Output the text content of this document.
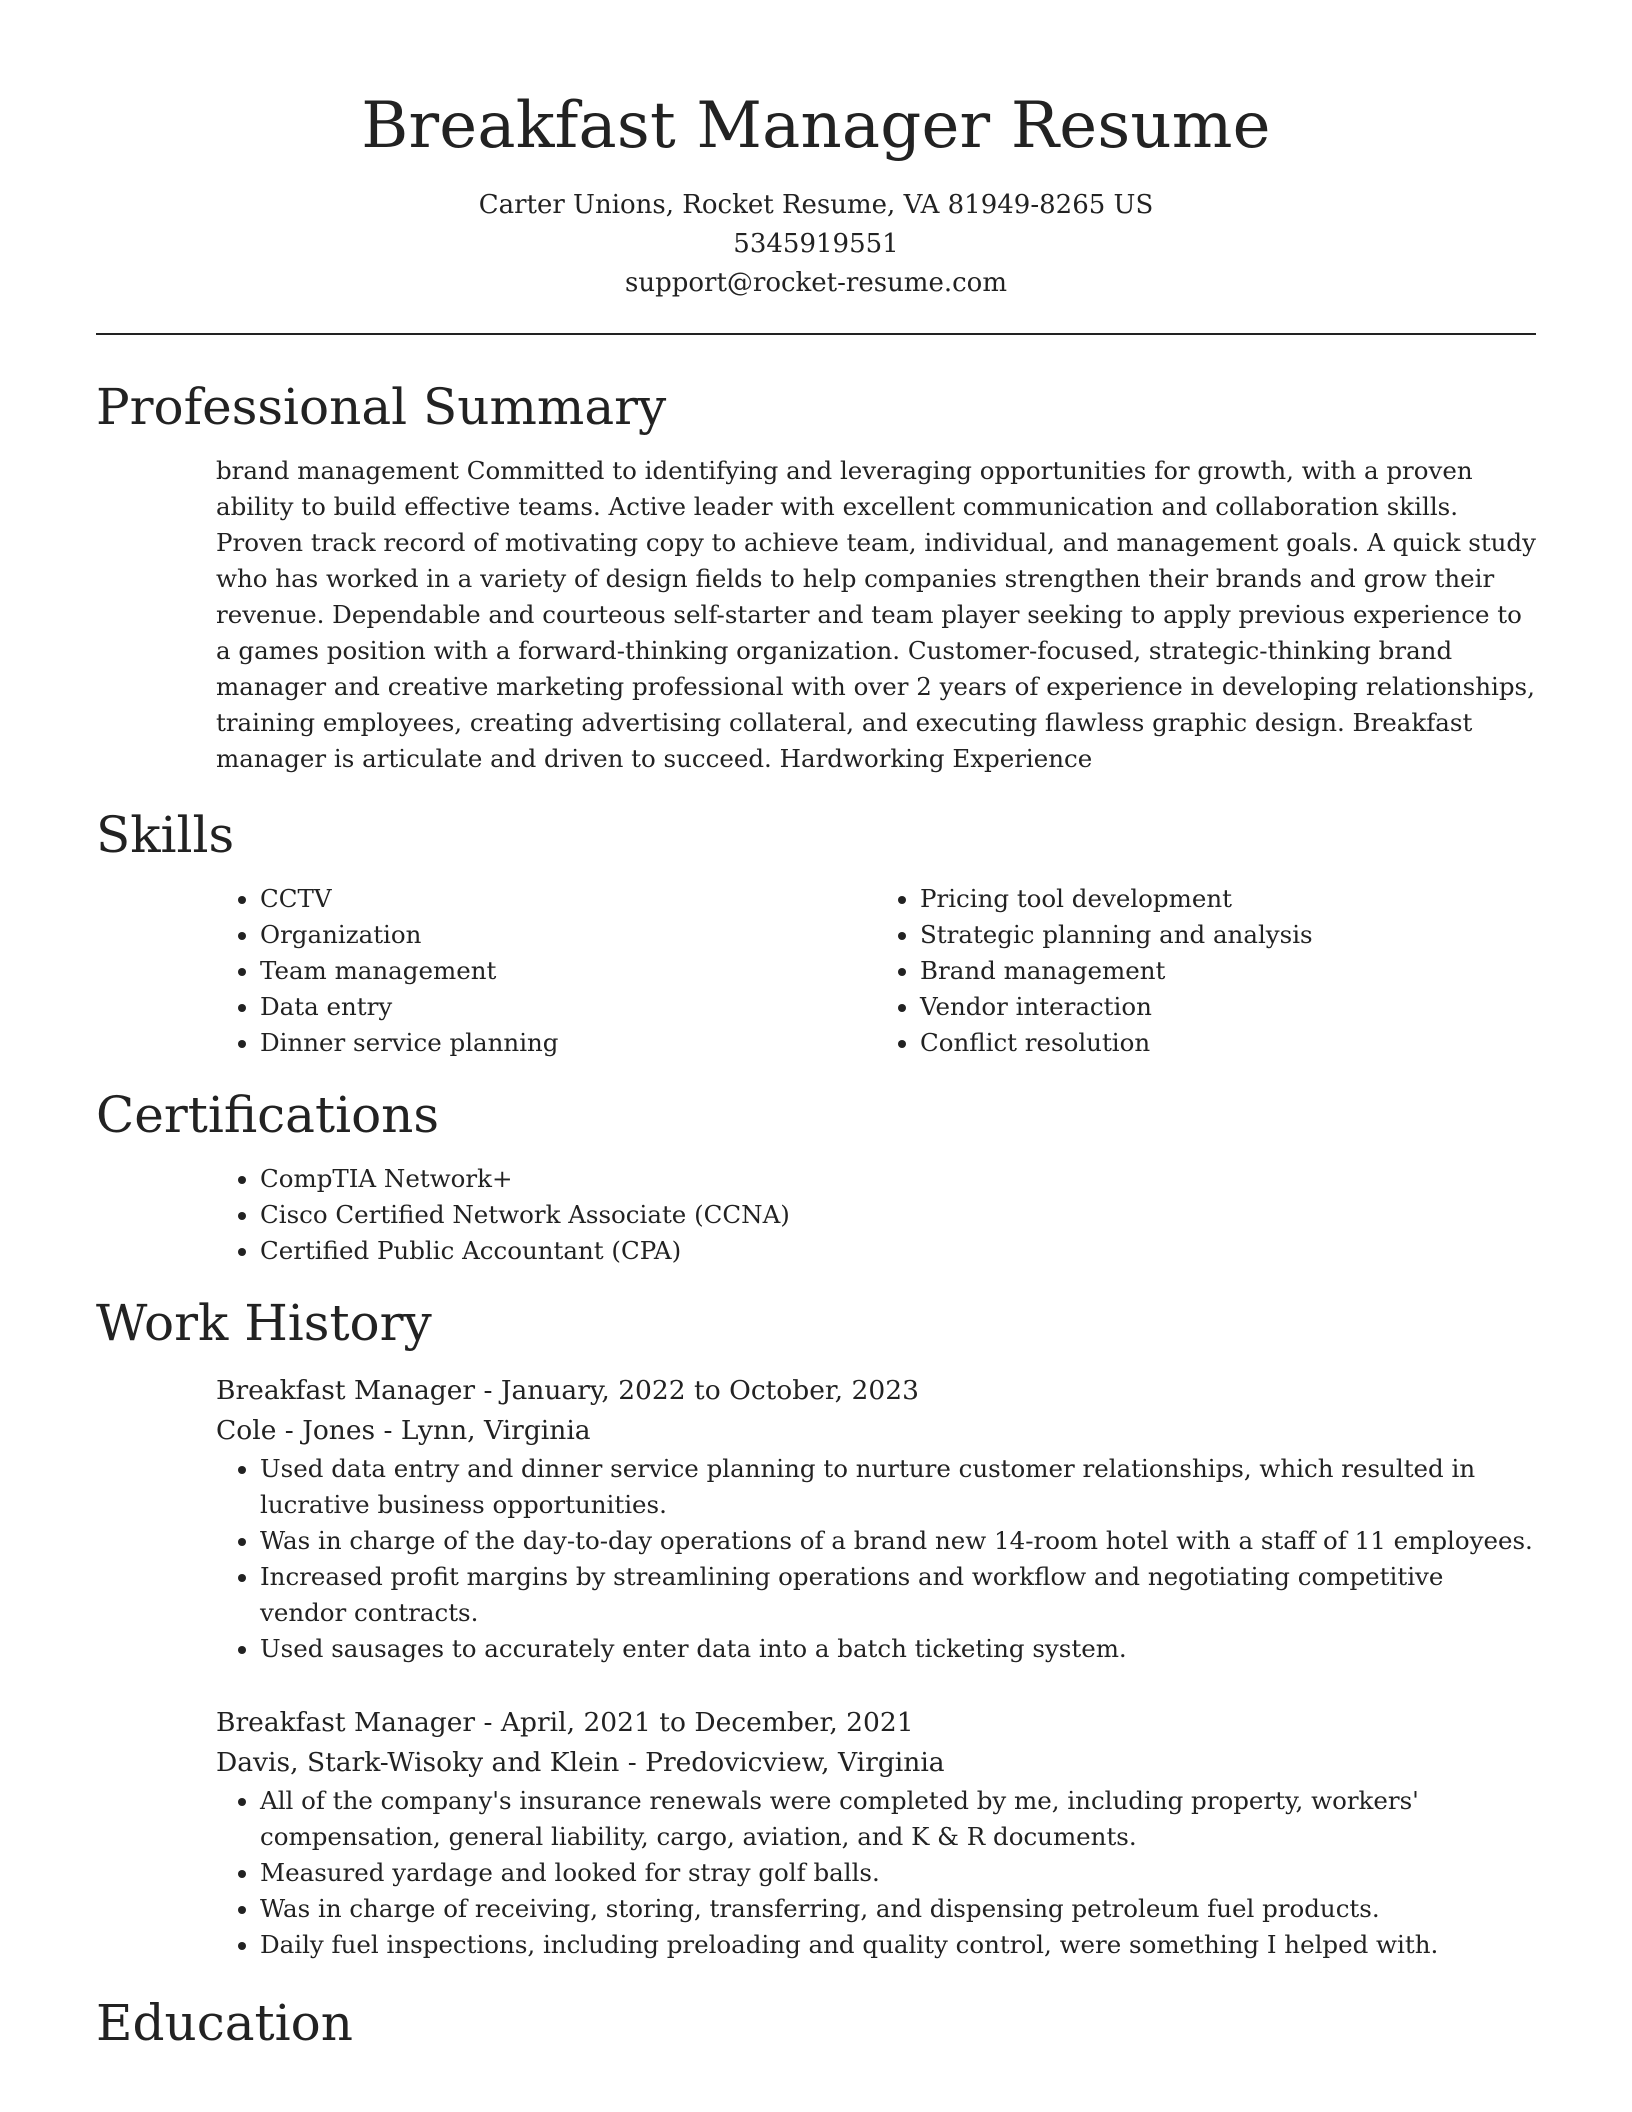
Breakfast Manager Resume
Carter Unions, Rocket Resume, VA 81949-8265 US
5345919551
support@rocket-resume.com
Professional Summary
brand management Committed to identifying and leveraging opportunities for growth, with a proven ability to build effective teams. Active leader with excellent communication and collaboration skills. Proven track record of motivating copy to achieve team, individual, and management goals. A quick study who has worked in a variety of design fields to help companies strengthen their brands and grow their revenue. Dependable and courteous self-starter and team player seeking to apply previous experience to a games position with a forward-thinking organization. Customer-focused, strategic-thinking brand manager and creative marketing professional with over 2 years of experience in developing relationships, training employees, creating advertising collateral, and executing flawless graphic design. Breakfast manager is articulate and driven to succeed. Hardworking Experience
Skills
• CCTV
• Organization
• Team management
• Data entry
• Dinner service planning
• Pricing tool development
• Strategic planning and analysis
• Brand management
• Vendor interaction
• Conflict resolution
Certifications
• CompTIA Network+
• Cisco Certified Network Associate (CCNA)
• Certified Public Accountant (CPA)
Work History
Breakfast Manager - January, 2022 to October, 2023
Cole - Jones - Lynn, Virginia
• Used data entry and dinner service planning to nurture customer relationships, which resulted in lucrative business opportunities.
• Was in charge of the day-to-day operations of a brand new 14-room hotel with a staff of 11 employees.
• Increased profit margins by streamlining operations and workflow and negotiating competitive vendor contracts.
• Used sausages to accurately enter data into a batch ticketing system.
Breakfast Manager - April, 2021 to December, 2021
Davis, Stark-Wisoky and Klein - Predovicview, Virginia
• All of the company's insurance renewals were completed by me, including property, workers' compensation, general liability, cargo, aviation, and K & R documents.
• Measured yardage and looked for stray golf balls.
• Was in charge of receiving, storing, transferring, and dispensing petroleum fuel products.
• Daily fuel inspections, including preloading and quality control, were something I helped with.
Education
